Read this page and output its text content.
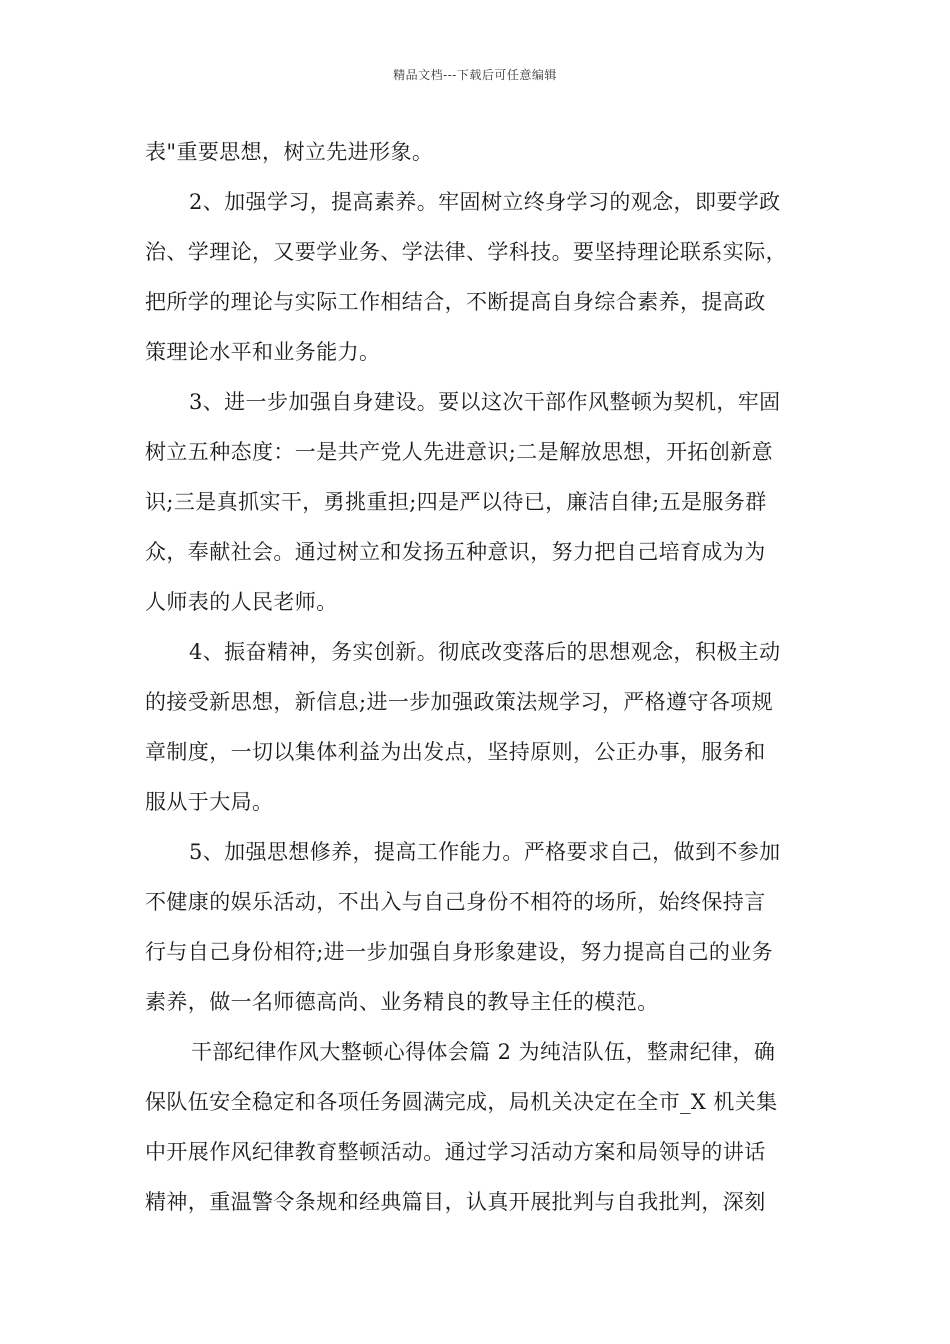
精品文档---下载后可任意编辑
表"重要思想，树立先进形象。
2、加强学习，提高素养。牢固树立终身学习的观念，即要学政
治、学理论，又要学业务、学法律、学科技。要坚持理论联系实际，
把所学的理论与实际工作相结合，不断提高自身综合素养，提高政
策理论水平和业务能力。
3、进一步加强自身建设。要以这次干部作风整顿为契机，牢固
树立五种态度：一是共产党人先进意识;二是解放思想，开拓创新意
识;三是真抓实干，勇挑重担;四是严以待已，廉洁自律;五是服务群
众，奉献社会。通过树立和发扬五种意识，努力把自己培育成为为
人师表的人民老师。
4、振奋精神，务实创新。彻底改变落后的思想观念，积极主动
的接受新思想，新信息;进一步加强政策法规学习，严格遵守各项规
章制度，一切以集体利益为出发点，坚持原则，公正办事，服务和
服从于大局。
5、加强思想修养，提高工作能力。严格要求自己，做到不参加
不健康的娱乐活动，不出入与自己身份不相符的场所，始终保持言
行与自己身份相符;进一步加强自身形象建设，努力提高自己的业务
素养，做一名师德高尚、业务精良的教导主任的模范。
干部纪律作风大整顿心得体会篇 2 为纯洁队伍，整肃纪律，确
保队伍安全稳定和各项任务圆满完成，局机关决定在全市_X 机关集
中开展作风纪律教育整顿活动。通过学习活动方案和局领导的讲话
精神，重温警令条规和经典篇目，认真开展批判与自我批判，深刻
